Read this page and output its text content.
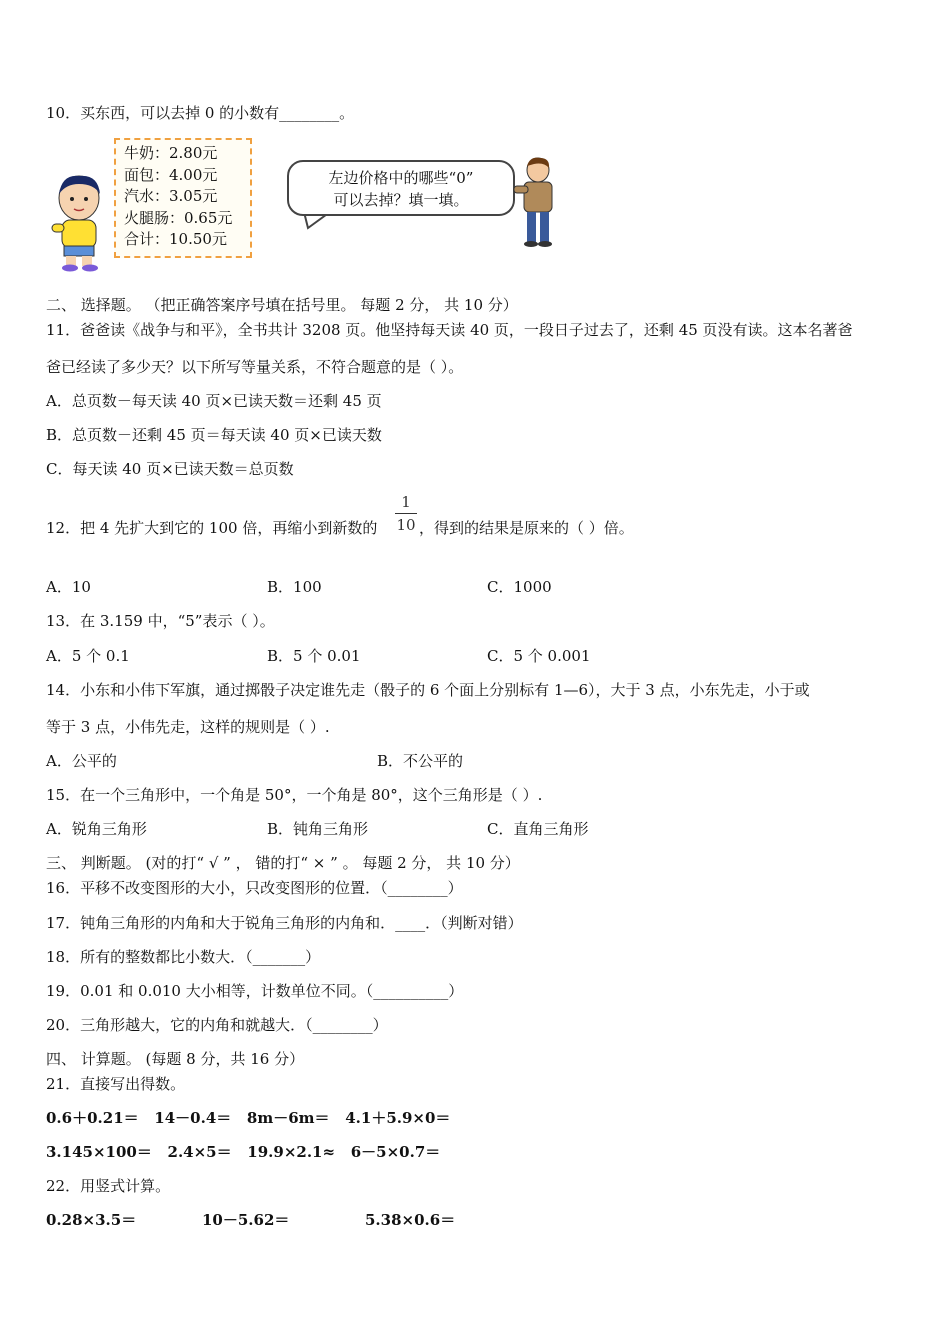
10．买东西，可以去掉 0 的小数有________。
牛奶：2.80元
面包：4.00元
汽水：3.05元
火腿肠：0.65元
合计：10.50元
左边价格中的哪些“0”
可以去掉？填一填。
二、 选择题。 （把正确答案序号填在括号里。 每题 2 分， 共 10 分）
11．爸爸读《战争与和平》，全书共计 3208 页。他坚持每天读 40 页，一段日子过去了，还剩 45 页没有读。这本名著爸
爸已经读了多少天？以下所写等量关系，不符合题意的是（ ）。
A．总页数－每天读 40 页×已读天数＝还剩 45 页
B．总页数－还剩 45 页＝每天读 40 页×已读天数
C．每天读 40 页×已读天数＝总页数
12．把 4 先扩大到它的 100 倍，再缩小到新数的
1
10 ，得到的结果是原来的（ ）倍。
A．10	B．100	C．1000
13．在 3.159 中，“5”表示（ ）。
A．5 个 0.1	B．5 个 0.01	C．5 个 0.001
14．小东和小伟下军旗，通过掷骰子决定谁先走（骰子的 6 个面上分别标有 1—6），大于 3 点，小东先走，小于或
等于 3 点，小伟先走，这样的规则是（ ）.
A．公平的	B．不公平的
15．在一个三角形中，一个角是 50°，一个角是 80°，这个三角形是（ ）.
A．锐角三角形	B．钝角三角形	C．直角三角形
三、 判断题。 (对的打“ √ ” ， 错的打“ × ” 。 每题 2 分， 共 10 分）
16．平移不改变图形的大小，只改变图形的位置．（________）
17．钝角三角形的内角和大于锐角三角形的内角和．____．（判断对错）
18．所有的整数都比小数大．（_______）
19．0.01 和 0.010 大小相等，计数单位不同。（__________）
20．三角形越大，它的内角和就越大．（________）
四、 计算题。 (每题 8 分，共 16 分）
21．直接写出得数。
0.6＋0.21＝   14－0.4＝   8m－6m＝   4.1＋5.9×0＝
3.145×100＝   2.4×5＝   19.9×2.1≈   6－5×0.7＝
22．用竖式计算。
0.28×3.5＝	10－5.62＝	5.38×0.6＝
